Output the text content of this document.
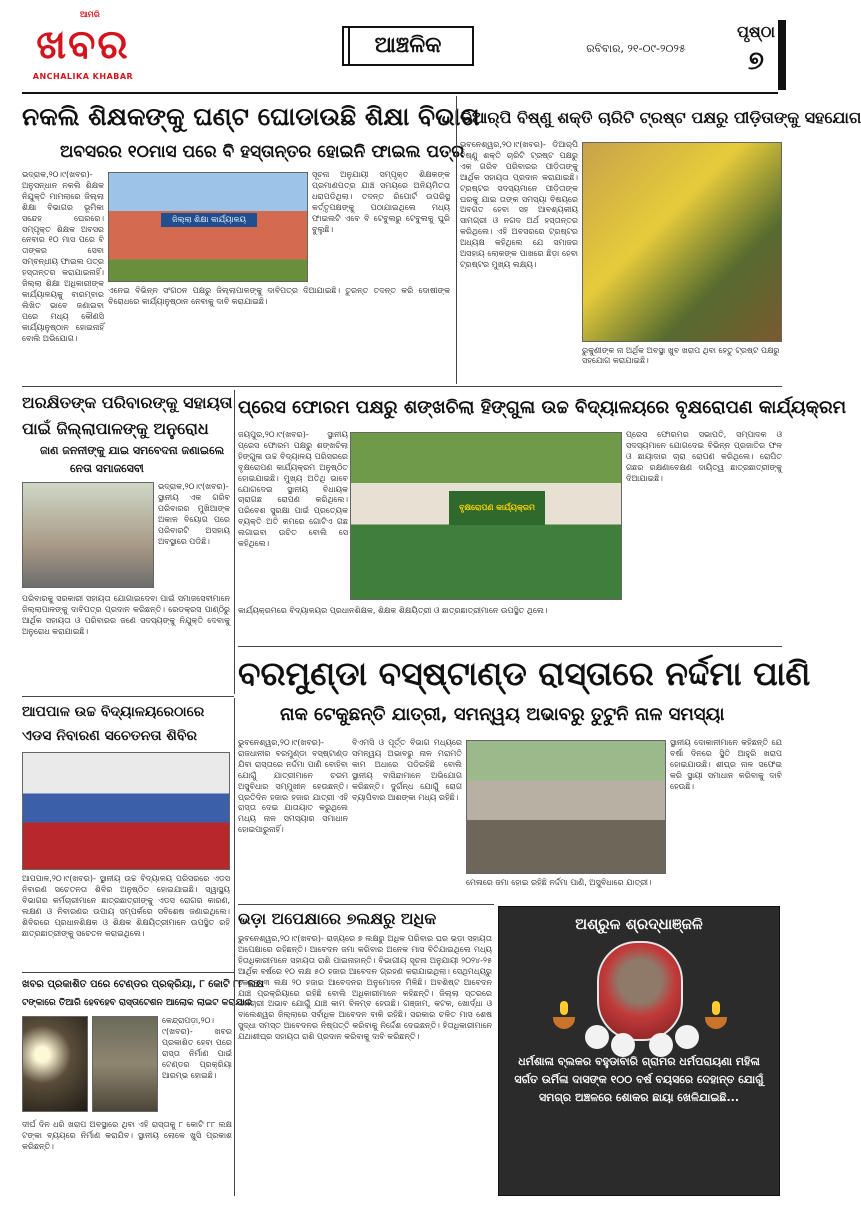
ଆମରି
ଖବର
ANCHALIKA KHABAR
ଆଞ୍ଚଳିକ	ରବିବାର, ୨୧-୦୯-୨୦୨୫
ପୃଷ୍ଠା
୭
ନକଲି ଶିକ୍ଷକଙ୍କୁ ଘଣ୍ଟ ଘୋଡାଉଛି ଶିକ୍ଷା ବିଭାଗ
ଅବସରର ୧୦ମାସ ପରେ ବି ହସ୍ତାନ୍ତର ହୋଇନି ଫାଇଲ ପତ୍ର
ଭଦ୍ରାକ,୨୦।୯(ଖବର)- ଅନୁସନ୍ଧାନ ନକଲି ଶିକ୍ଷକ ନିଯୁକ୍ତି ମାମଲାରେ ଜିଲ୍ଲା ଶିକ୍ଷା ବିଭାଗର ଭୂମିକା ସନ୍ଦେହ ଘେରରେ। ସମ୍ପୃକ୍ତ ଶିକ୍ଷକ ଅବସର ନେବାର ୧୦ ମାସ ପରେ ବି ତାଙ୍କର ସେବା ସମ୍ବନ୍ଧୀୟ ଫାଇଲ ପତ୍ର ହସ୍ତାନ୍ତର କରାଯାଇନାହିଁ। ଜିଲ୍ଲା ଶିକ୍ଷା ଅଧିକାରୀଙ୍କ କାର୍ଯ୍ୟାଳୟକୁ ବାରମ୍ବାର ଲିଖିତ ଭାବେ ଜଣାଇବା ପରେ ମଧ୍ୟ କୌଣସି କାର୍ଯ୍ୟାନୁଷ୍ଠାନ ହୋଇନାହିଁ ବୋଲି ଅଭିଯୋଗ।
ଜିଲ୍ଲା ଶିକ୍ଷା କାର୍ଯ୍ୟାଳୟ
ସୂଚନା ଅନୁଯାୟୀ ସମ୍ପୃକ୍ତ ଶିକ୍ଷକଙ୍କ ପ୍ରମାଣପତ୍ର ଯାଞ୍ଚ ସମୟରେ ଅନିୟମିତତା ଧରାପଡିଥିଲା। ତଦନ୍ତ ରିପୋର୍ଟ ଉପରିସ୍ଥ କର୍ତ୍ତୃପକ୍ଷଙ୍କୁ ପଠାଯାଇଥିଲେ ମଧ୍ୟ ଫାଇଲଟି ଏବେ ବି ଟେବୁଲରୁ ଟେବୁଲକୁ ଘୁରି ବୁଲୁଛି।
ଏନେଇ ବିଭିନ୍ନ ସଂଗଠନ ପକ୍ଷରୁ ଜିଲ୍ଲାପାଳଙ୍କୁ ଦାବିପତ୍ର ଦିଆଯାଇଛି। ତୁରନ୍ତ ତଦନ୍ତ କରି ଦୋଷୀଙ୍କ ବିରୋଧରେ କାର୍ଯ୍ୟାନୁଷ୍ଠାନ ନେବାକୁ ଦାବି କରାଯାଇଛି।
ଡିଆର୍‌ପି ବିଷ୍ଣୁ ଶକ୍ତି ଚାରିଟି ଟ୍ରଷ୍ଟ ପକ୍ଷରୁ ପୀଡ଼ିତାଙ୍କୁ ସହଯୋଗ
ଭୁବନେଶ୍ୱର,୨୦।୯(ଖବର)- ଡିଆର୍‌ପି ବିଷ୍ଣୁ ଶକ୍ତି ଚାରିଟି ଟ୍ରଷ୍ଟ ପକ୍ଷରୁ ଏକ ଗରିବ ପରିବାରର ପୀଡ଼ିତାଙ୍କୁ ଆର୍ଥିକ ସହାୟତା ପ୍ରଦାନ କରାଯାଇଛି। ଟ୍ରଷ୍ଟର ସଦସ୍ୟମାନେ ପୀଡ଼ିତାଙ୍କ ଘରକୁ ଯାଇ ତାଙ୍କ ସମସ୍ୟା ବିଷୟରେ ଅବଗତ ହେବା ସହ ଆବଶ୍ୟକୀୟ ସାମଗ୍ରୀ ଓ ନଗଦ ଅର୍ଥ ହସ୍ତାନ୍ତର କରିଥିଲେ। ଏହି ଅବସରରେ ଟ୍ରଷ୍ଟର ଅଧ୍ୟକ୍ଷ କହିଥିଲେ ଯେ ସମାଜର ଅସହାୟ ଲୋକଙ୍କ ପାଖରେ ଛିଡ଼ା ହେବା ଟ୍ରଷ୍ଟର ମୁଖ୍ୟ ଲକ୍ଷ୍ୟ।
ରୁକୁଣୀଙ୍କ ନା ଅର୍ଥିକ ଅବସ୍ଥା ଖୁବ ଖରାପ ଥିବା ହେତୁ ଟ୍ରଷ୍ଟ ପକ୍ଷରୁ ସହଯୋଗ କରାଯାଇଛି।
ଅରକ୍ଷିତଙ୍କ ପରିବାରଙ୍କୁ ସହାୟତା
ପାଇଁ ଜିଲ୍ଲାପାଳଙ୍କୁ ଅନୁରୋଧ
ଜାଣ ଜନନୀଙ୍କୁ ଯାଇ ସମବେଦନା ଜଣାଇଲେ
ନେତା ସମାଜସେବୀ
ଭଦ୍ରାକ,୨୦।୯(ଖବର)- ସ୍ଥାନୀୟ ଏକ ଗରିବ ପରିବାରର ମୁଖିଆଙ୍କ ଅକାଳ ବିୟୋଗ ପରେ ପରିବାରଟି ଅସହାୟ ଅବସ୍ଥାରେ ପଡିଛି।
ପରିବାରକୁ ସରକାରୀ ସହାୟତା ଯୋଗାଇଦେବା ପାଇଁ ସମାଜସେବୀମାନେ ଜିଲ୍ଲାପାଳଙ୍କୁ ଦାବିପତ୍ର ପ୍ରଦାନ କରିଛନ୍ତି। ରେଡକ୍ରସ ପାଣ୍ଠିରୁ ଆର୍ଥିକ ସହାୟତା ଓ ପରିବାରର ଜଣେ ସଦସ୍ୟଙ୍କୁ ନିଯୁକ୍ତି ଦେବାକୁ ଅନୁରୋଧ କରାଯାଇଛି।
ପ୍ରେସ ଫୋରମ ପକ୍ଷରୁ ଶଙ୍ଖଚିଲା ହିଙ୍ଗୁଳା ଉଚ୍ଚ ବିଦ୍ୟାଳୟରେ ବୃକ୍ଷରୋପଣ କାର୍ଯ୍ୟକ୍ରମ
ଜୟପୁର,୨୦।୯(ଖବର)- ସ୍ଥାନୀୟ ପ୍ରେସ ଫୋରମ ପକ୍ଷରୁ ଶଙ୍ଖଚିଲା ହିଙ୍ଗୁଳା ଉଚ୍ଚ ବିଦ୍ୟାଳୟ ପରିସରରେ ବୃକ୍ଷରୋପଣ କାର୍ଯ୍ୟକ୍ରମ ଅନୁଷ୍ଠିତ ହୋଇଯାଇଛି। ମୁଖ୍ୟ ଅତିଥି ଭାବେ ଯୋଗଦେଇ ସ୍ଥାନୀୟ ବିଧାୟକ ଚାରାଗଛ ରୋପଣ କରିଥିଲେ। ପରିବେଶ ସୁରକ୍ଷା ପାଇଁ ପ୍ରତ୍ୟେକ ବ୍ୟକ୍ତି ଅତି କମରେ ଗୋଟିଏ ଗଛ ଲଗାଇବା ଉଚିତ ବୋଲି ସେ କହିଥିଲେ।
ବୃକ୍ଷରୋପଣ କାର୍ଯ୍ୟକ୍ରମ
ପ୍ରେସ ଫୋରମର ସଭାପତି, ସମ୍ପାଦକ ଓ ସଦସ୍ୟମାନେ ଯୋଗଦେଇ ବିଭିନ୍ନ ପ୍ରଜାତିର ଫଳ ଓ ଛାୟାଦାର ଚାରା ରୋପଣ କରିଥିଲେ। ରୋପିତ ଗଛର ରକ୍ଷଣାବେକ୍ଷଣ ଦାୟିତ୍ୱ ଛାତ୍ରଛାତ୍ରୀଙ୍କୁ ଦିଆଯାଇଛି।
କାର୍ଯ୍ୟକ୍ରମରେ ବିଦ୍ୟାଳୟର ପ୍ରଧାନଶିକ୍ଷକ, ଶିକ୍ଷକ ଶିକ୍ଷୟିତ୍ରୀ ଓ ଛାତ୍ରଛାତ୍ରୀମାନେ ଉପସ୍ଥିତ ଥିଲେ।
ବରମୁଣ୍ଡା ବସ୍‌ଷ୍ଟାଣ୍ଡ ରାସ୍ତାରେ ନର୍ଦ୍ଦମା ପାଣି
ନାକ ଟେକୁଛନ୍ତି ଯାତ୍ରୀ, ସମନ୍ୱୟ ଅଭାବରୁ ତୁଟୁନି ନାଳ ସମସ୍ୟା
ଭୁବନେଶ୍ୱର,୨୦।୯(ଖବର)- ରାଜଧାନୀର ବରମୁଣ୍ଡା ବସ୍‌ଷ୍ଟାଣ୍ଡ ଯିବା ରାସ୍ତାରେ ନର୍ଦ୍ଦମା ପାଣି ବୋହିବା ଯୋଗୁଁ ଯାତ୍ରୀମାନେ ଚରମ ଅସୁବିଧାର ସମ୍ମୁଖୀନ ହେଉଛନ୍ତି। ପ୍ରତିଦିନ ହଜାର ହଜାର ଯାତ୍ରୀ ଏହି ରାସ୍ତା ଦେଇ ଯାତାୟାତ କରୁଥିଲେ ମଧ୍ୟ ନାଳ ସମସ୍ୟାର ସମାଧାନ ହୋଇପାରୁନାହିଁ।
ବିଏମସି ଓ ପୂର୍ତ୍ତ ବିଭାଗ ମଧ୍ୟରେ ସମନ୍ୱୟ ଅଭାବରୁ ନାଳ ମରାମତି କାମ ଅଧାରେ ପଡିରହିଛି ବୋଲି ସ୍ଥାନୀୟ ବାସିନ୍ଦାମାନେ ଅଭିଯୋଗ କରିଛନ୍ତି। ଦୁର୍ଗନ୍ଧ ଯୋଗୁଁ ରୋଗ ବ୍ୟାପିବାର ଆଶଙ୍କା ମଧ୍ୟ ରହିଛି।
ମେଳାରେ ଜମା ହୋଇ ରହିଛି ନର୍ଦ୍ଦମା ପାଣି, ଅସୁବିଧାରେ ଯାତ୍ରୀ।
ସ୍ଥାନୀୟ ଦୋକାନୀମାନେ କହିଛନ୍ତି ଯେ ବର୍ଷା ଦିନରେ ସ୍ଥିତି ଆହୁରି ଖରାପ ହୋଇଯାଉଛି। ଶୀଘ୍ର ନାଳ ସଫେଇ କରି ସ୍ଥାୟୀ ସମାଧାନ କରିବାକୁ ଦାବି ହେଉଛି।
ଆପପାଳ ଉଚ୍ଚ ବିଦ୍ୟାଳୟରେଠାରେ
ଏଡସ ନିବାରଣ ସଚେତନତା ଶିବିର
ଆପପାଳ,୨୦।୯(ଖବର)- ସ୍ଥାନୀୟ ଉଚ୍ଚ ବିଦ୍ୟାଳୟ ପରିସରରେ ଏଡସ ନିବାରଣ ସଚେତନତା ଶିବିର ଅନୁଷ୍ଠିତ ହୋଇଯାଇଛି। ସ୍ୱାସ୍ଥ୍ୟ ବିଭାଗର କର୍ମଚାରୀମାନେ ଛାତ୍ରଛାତ୍ରୀଙ୍କୁ ଏଡସ ରୋଗର କାରଣ, ଲକ୍ଷଣ ଓ ନିବାରଣର ଉପାୟ ସମ୍ପର୍କରେ ସବିଶେଷ ଜଣାଇଥିଲେ। ଶିବିରରେ ପ୍ରଧାନଶିକ୍ଷକ ଓ ଶିକ୍ଷକ ଶିକ୍ଷୟିତ୍ରୀମାନେ ଉପସ୍ଥିତ ରହି ଛାତ୍ରଛାତ୍ରୀଙ୍କୁ ସଚେତନ କରାଇଥିଲେ।
ଖବର ପ୍ରକାଶିତ ପରେ ଟେଣ୍ଡର ପ୍ରକ୍ରିୟା, ୮ କୋଟି ୮୮ ଲକ୍ଷ
ଟଙ୍କାରେ ତିଆରି ହେବହେବ ରାସ୍ତାଟେଶନ ଆଲୋକ ଲାଇଟ କରାଯାଇ
କେନ୍ଦ୍ରାପଡ଼ା,୨୦।୯(ଖବର)- ଖବର ପ୍ରକାଶିତ ହେବା ପରେ ରାସ୍ତା ନିର୍ମାଣ ପାଇଁ ଟେଣ୍ଡର ପ୍ରକ୍ରିୟା ଆରମ୍ଭ ହୋଇଛି।
ଦୀର୍ଘ ଦିନ ଧରି ଖରାପ ଅବସ୍ଥାରେ ଥିବା ଏହି ରାସ୍ତାକୁ ୮ କୋଟି ୮୮ ଲକ୍ଷ ଟଙ୍କା ବ୍ୟୟରେ ନିର୍ମାଣ କରାଯିବ। ସ୍ଥାନୀୟ ଲୋକେ ଖୁସି ପ୍ରକାଶ କରିଛନ୍ତି।
ଭଡ଼ା ଅପେକ୍ଷାରେ ୭ଲକ୍ଷରୁ ଅଧିକ
ଭୁବନେଶ୍ୱର,୨୦।୯(ଖବର)- ରାଜ୍ୟରେ ୭ ଲକ୍ଷରୁ ଅଧିକ ପରିବାର ଘର ଭଡ଼ା ସହାୟତା ଅପେକ୍ଷାରେ ରହିଛନ୍ତି। ଆବେଦନ ଜମା କରିବାର ଅନେକ ମାସ ବିତିଯାଇଥିଲେ ମଧ୍ୟ ହିତାଧିକାରୀମାନେ ସହାୟତା ରାଶି ପାଇନାହାନ୍ତି। ବିଭାଗୀୟ ସୂଚନା ଅନୁଯାୟୀ ୨୦୨୪-୨୫ ଆର୍ଥିକ ବର୍ଷରେ ୧୦ ଲକ୍ଷ ୫୦ ହଜାର ଆବେଦନ ଗ୍ରହଣ କରାଯାଇଥିଲା। ସେଥିମଧ୍ୟରୁ କେବଳ ୩ ଲକ୍ଷ ୨୦ ହଜାର ଆବେଦନର ଅନୁମୋଦନ ମିଳିଛି। ଅବଶିଷ୍ଟ ଆବେଦନ ଯାଞ୍ଚ ପ୍ରକ୍ରିୟାରେ ରହିଛି ବୋଲି ଅଧିକାରୀମାନେ କହିଛନ୍ତି। ଜିଲ୍ଲା ସ୍ତରରେ କର୍ମଚାରୀ ଅଭାବ ଯୋଗୁଁ ଯାଞ୍ଚ କାମ ବିଳମ୍ବ ହେଉଛି। ଗଞ୍ଜାମ, କଟକ, ଖୋର୍ଦ୍ଧା ଓ ବାଲେଶ୍ୱର ଜିଲ୍ଲାରେ ସର୍ବାଧିକ ଆବେଦନ ବାକି ରହିଛି। ସରକାର ଚଳିତ ମାସ ଶେଷ ସୁଦ୍ଧା ସମସ୍ତ ଆବେଦନର ନିଷ୍ପତ୍ତି କରିବାକୁ ନିର୍ଦ୍ଦେଶ ଦେଇଛନ୍ତି। ହିତାଧିକାରୀମାନେ ଯଥାଶୀଘ୍ର ସହାୟତା ରାଶି ପ୍ରଦାନ କରିବାକୁ ଦାବି କରିଛନ୍ତି।
ଅଶ୍ରୁଳ ଶ୍ରଦ୍ଧାଞ୍ଜଳି
ଧର୍ମଶାଳା ବ୍ଲକର ବହୁଡାବାରି ଗ୍ରାମର ଧର୍ମପରାୟଣା ମହିଳା ସର୍ଗତ ଉର୍ମିଳା ଦାସଙ୍କ ୧୦୦ ବର୍ଷ ବୟସରେ ଦେହାନ୍ତ ଯୋଗୁଁ ସମଗ୍ର ଅଞ୍ଚଳରେ ଶୋକର ଛାୟା ଖେଳିଯାଇଛି...
